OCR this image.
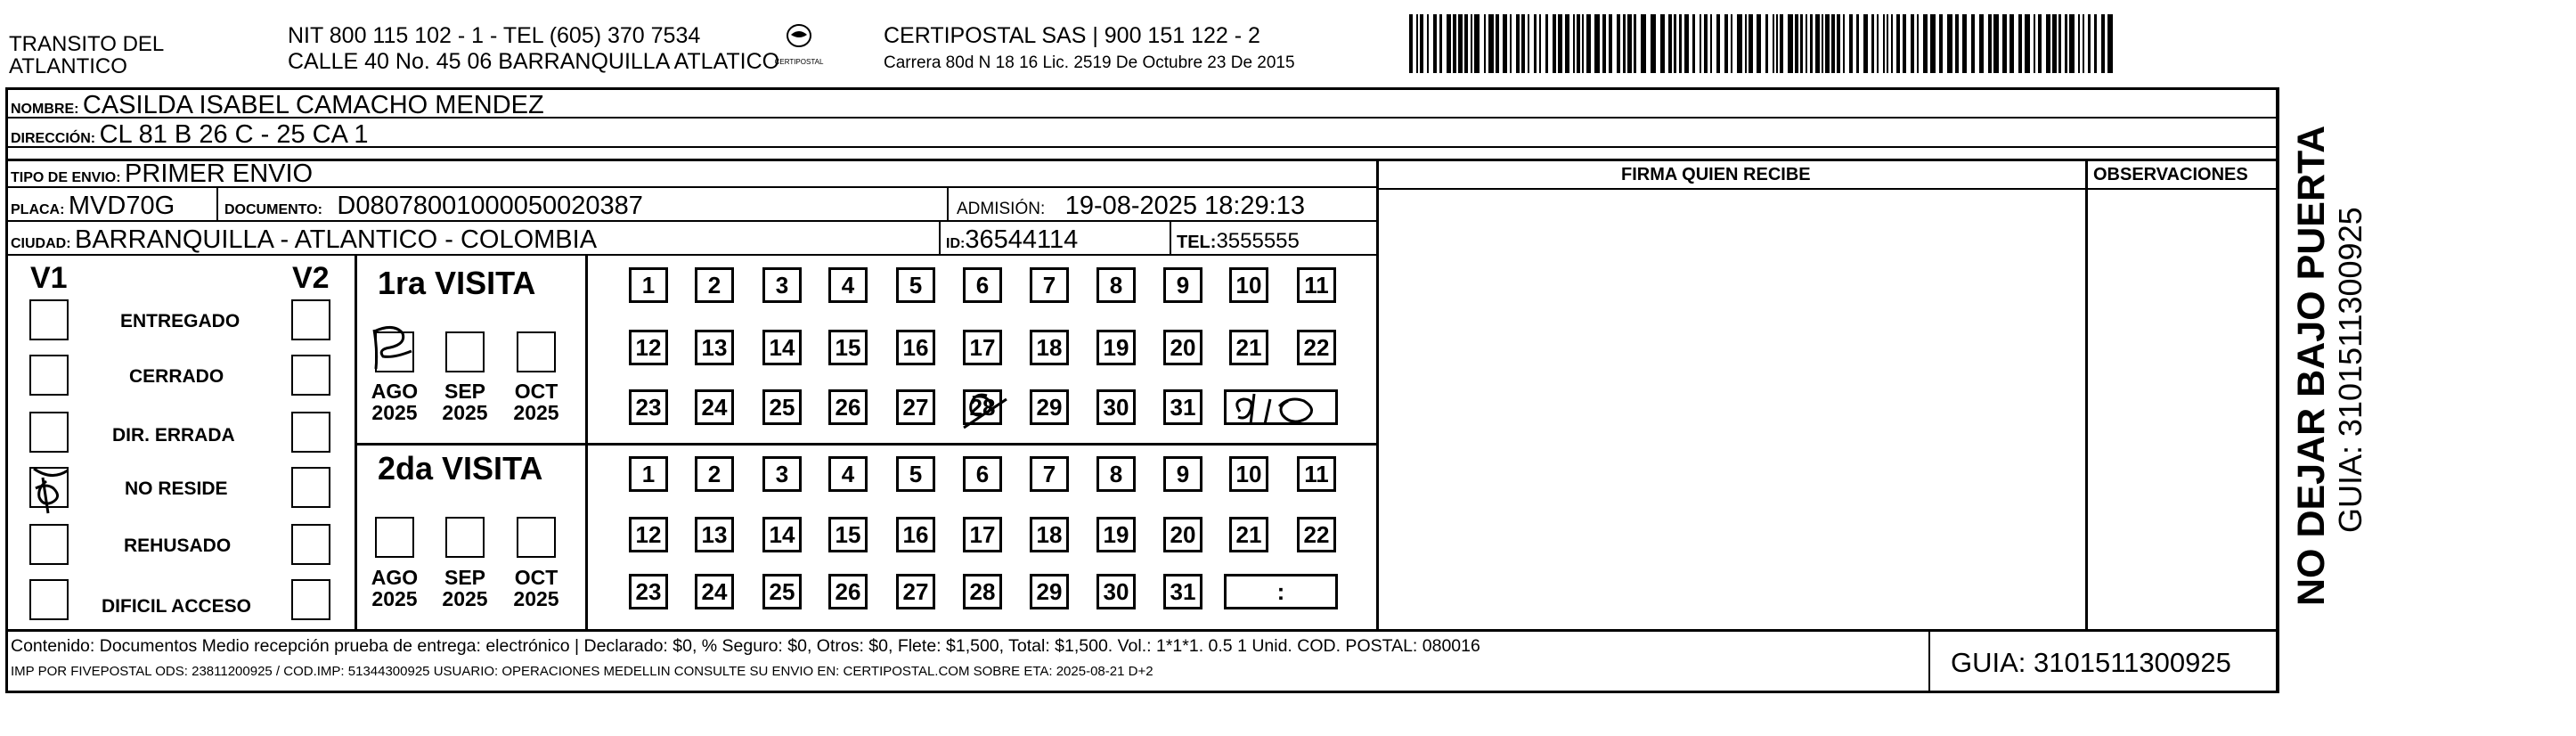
TRANSITO DEL
ATLANTICO
NIT 800 115 102 - 1 - TEL (605) 370 7534
CALLE 40 No. 45 06 BARRANQUILLA ATLATICO
CERTIPOSTAL
CERTIPOSTAL SAS | 900 151 122 - 2
Carrera 80d N 18 16 Lic. 2519 De Octubre 23 De 2015
NOMBRE: CASILDA ISABEL CAMACHO MENDEZ
DIRECCIÓN: CL 81 B 26 C - 25 CA 1
TIPO DE ENVIO: PRIMER ENVIO	FIRMA QUIEN RECIBE	OBSERVACIONES
PLACA: MVD70G	DOCUMENTO: D08078001000050020387	ADMISIÓN: 19-08-2025 18:29:13
CIUDAD: BARRANQUILLA - ATLANTICO - COLOMBIA	ID:36544114	TEL:3555555
V1	V2
ENTREGADO
CERRADO
DIR. ERRADA
NO RESIDE
REHUSADO
DIFICIL ACCESO
1ra VISITA
2da VISITA
AGO
2025
SEP
2025
OCT
2025
AGO
2025
SEP
2025
OCT
2025
1	2	3	4	5	6	7	8	9	10	11
12 13 14 15 16 17 18 19 20 21 22
23 24 25 26 27 28 29 30 31
1	2	3	4	5	6	7	8	9	10	11
12 13 14 15 16 17 18 19 20 21 22
23 24 25 26 27 28 29 30 31	:
Contenido: Documentos Medio recepción prueba de entrega: electrónico | Declarado: $0, % Seguro: $0, Otros: $0, Flete: $1,500, Total: $1,500. Vol.: 1*1*1. 0.5 1 Unid. COD. POSTAL: 080016
IMP POR FIVEPOSTAL ODS: 23811200925 / COD.IMP: 51344300925 USUARIO: OPERACIONES MEDELLIN CONSULTE SU ENVIO EN: CERTIPOSTAL.COM SOBRE ETA: 2025-08-21 D+2	GUIA: 3101511300925
NO DEJAR BAJO PUERTA GUIA: 3101511300925
